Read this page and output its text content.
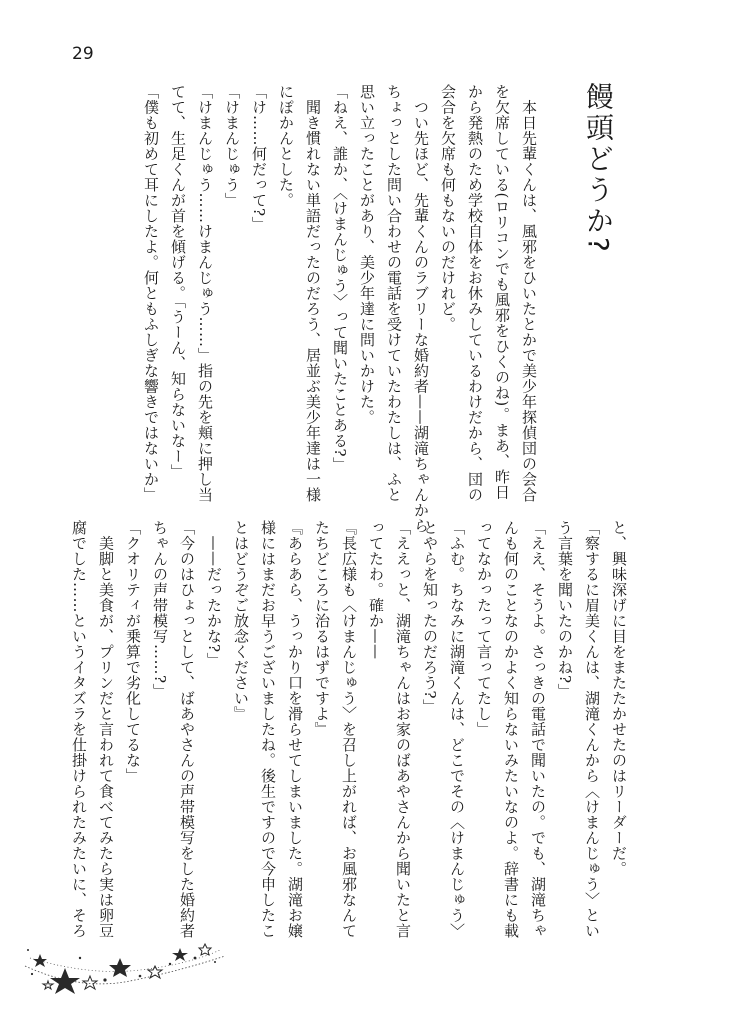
29
饅頭どうか?
　本日先輩くんは、風邪をひいたとかで美少年探偵団の会合
を欠席している(ロリコンでも風邪をひくのね)。まあ、昨日
から発熱のため学校自体をお休みしているわけだから、団の
会合を欠席も何もないのだけれど。
　つい先ほど、先輩くんのラブリーな婚約者——湖滝ちゃんから
ちょっとした問い合わせの電話を受けていたわたしは、ふと
思い立ったことがあり、美少年達に問いかけた。
「ねえ、誰か、〈けまんじゅう〉って聞いたことある?」
　聞き慣れない単語だったのだろう、居並ぶ美少年達は一様
にぽかんとした。
「け……何だって?」
「けまんじゅう」
「けまんじゅう……けまんじゅう……」指の先を頬に押し当
てて、生足くんが首を傾げる。「うーん、知らないなー」
「僕も初めて耳にしたよ。何ともふしぎな響きではないか」
と、興味深げに目をまたたかせたのはリーダーだ。
「察するに眉美くんは、湖滝くんから〈けまんじゅう〉とい
う言葉を聞いたのかね?」
「ええ、そうよ。さっきの電話で聞いたの。でも、湖滝ちゃ
んも何のことなのかよく知らないみたいなのよ。辞書にも載
ってなかったって言ってたし」
「ふむ。ちなみに湖滝くんは、どこでその〈けまんじゅう〉
とやらを知ったのだろう?」
「ええっと、湖滝ちゃんはお家のばあやさんから聞いたと言
ってたわ。確か——
『長広様も〈けまんじゅう〉を召し上がれば、お風邪なんて
たちどころに治るはずですよ』
『あらあら、うっかり口を滑らせてしまいました。湖滝お嬢
様にはまだお早うございましたね。後生ですので今申したこ
とはどうぞご放念ください』
　——だったかな?」
「今のはひょっとして、ばあやさんの声帯模写をした婚約者
ちゃんの声帯模写……?」
「クオリティが乗算で劣化してるな」
　美脚と美食が、プリンだと言われて食べてみたら実は卵豆
腐でした……というイタズラを仕掛けられたみたいに、そろ
